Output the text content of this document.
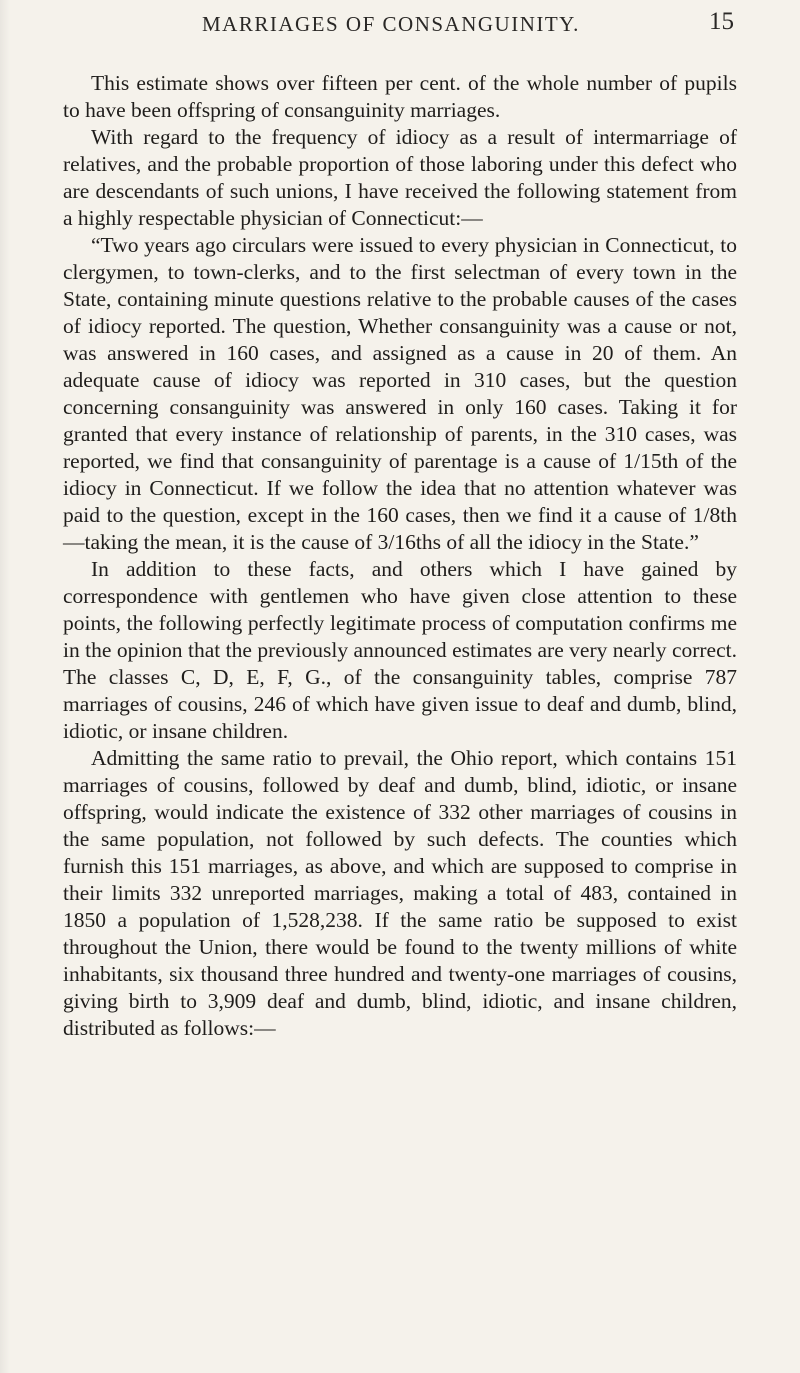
MARRIAGES OF CONSANGUINITY.	15

This estimate shows over fifteen per cent. of the whole number of pupils to have been offspring of consanguinity marriages.

With regard to the frequency of idiocy as a result of intermarriage of relatives, and the probable proportion of those laboring under this defect who are descendants of such unions, I have received the following statement from a highly respectable physician of Connecticut:—

“Two years ago circulars were issued to every physician in Connecticut, to clergymen, to town-clerks, and to the first selectman of every town in the State, containing minute questions relative to the probable causes of the cases of idiocy reported. The question, Whether consanguinity was a cause or not, was answered in 160 cases, and assigned as a cause in 20 of them. An adequate cause of idiocy was reported in 310 cases, but the question concerning consanguinity was answered in only 160 cases. Taking it for granted that every instance of relationship of parents, in the 310 cases, was reported, we find that consanguinity of parentage is a cause of 1/15th of the idiocy in Connecticut. If we follow the idea that no attention whatever was paid to the question, except in the 160 cases, then we find it a cause of 1/8th—taking the mean, it is the cause of 3/16ths of all the idiocy in the State.”

In addition to these facts, and others which I have gained by correspondence with gentlemen who have given close attention to these points, the following perfectly legitimate process of computation confirms me in the opinion that the previously announced estimates are very nearly correct. The classes C, D, E, F, G., of the consanguinity tables, comprise 787 marriages of cousins, 246 of which have given issue to deaf and dumb, blind, idiotic, or insane children.

Admitting the same ratio to prevail, the Ohio report, which contains 151 marriages of cousins, followed by deaf and dumb, blind, idiotic, or insane offspring, would indicate the existence of 332 other marriages of cousins in the same population, not followed by such defects. The counties which furnish this 151 marriages, as above, and which are supposed to comprise in their limits 332 unreported marriages, making a total of 483, contained in 1850 a population of 1,528,238. If the same ratio be supposed to exist throughout the Union, there would be found to the twenty millions of white inhabitants, six thousand three hundred and twenty-one marriages of cousins, giving birth to 3,909 deaf and dumb, blind, idiotic, and insane children, distributed as follows:—
